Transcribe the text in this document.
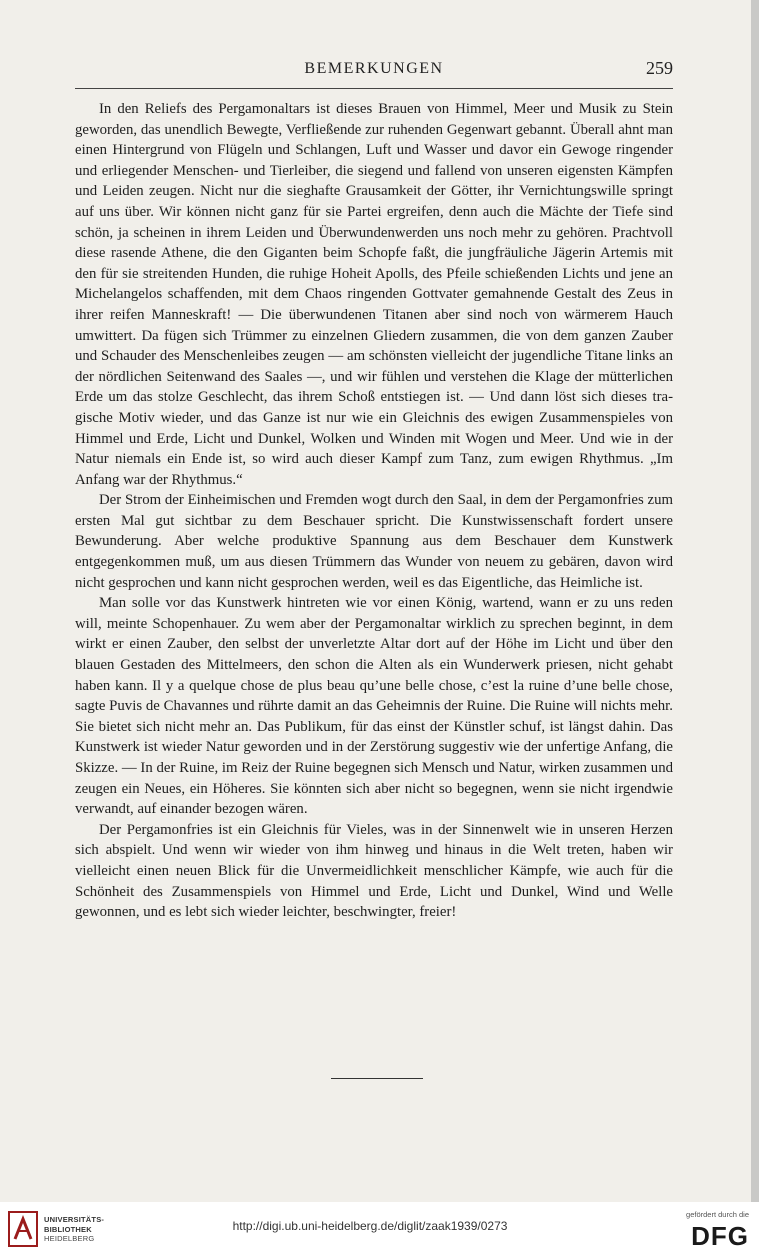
BEMERKUNGEN	259

In den Reliefs des Pergamonaltars ist dieses Brauen von Himmel, Meer und Musik zu Stein geworden, das unendlich Bewegte, Verfließende zur ruhenden Gegenwart gebannt. Überall ahnt man einen Hintergrund von Flügeln und Schlangen, Luft und Wasser und davor ein Gewoge ringender und erliegender Menschen- und Tierleiber, die siegend und fallend von unseren eigensten Kämpfen und Leiden zeugen. Nicht nur die sieghafte Grausamkeit der Götter, ihr Vernichtungswille springt auf uns über. Wir können nicht ganz für sie Partei ergreifen, denn auch die Mächte der Tiefe sind schön, ja scheinen in ihrem Leiden und Überwundenwerden uns noch mehr zu gehören. Prachtvoll diese rasende Athene, die den Giganten beim Schopfe faßt, die jungfräuliche Jägerin Artemis mit den für sie streitenden Hunden, die ruhige Hoheit Apolls, des Pfeile schießenden Lichts und jene an Michelangelos schaffenden, mit dem Chaos ringenden Gottvater gemahnende Gestalt des Zeus in ihrer reifen Manneskraft! — Die überwundenen Titanen aber sind noch von wärmerem Hauch umwittert. Da fügen sich Trümmer zu einzelnen Gliedern zusammen, die von dem ganzen Zauber und Schauder des Menschenleibes zeugen — am schönsten vielleicht der jugendliche Titane links an der nördlichen Seitenwand des Saales —, und wir fühlen und verstehen die Klage der mütterlichen Erde um das stolze Geschlecht, das ihrem Schoß entstiegen ist. — Und dann löst sich dieses tragische Motiv wieder, und das Ganze ist nur wie ein Gleichnis des ewigen Zusammenspieles von Himmel und Erde, Licht und Dunkel, Wolken und Winden mit Wogen und Meer. Und wie in der Natur niemals ein Ende ist, so wird auch dieser Kampf zum Tanz, zum ewigen Rhythmus. „Im Anfang war der Rhythmus.“

Der Strom der Einheimischen und Fremden wogt durch den Saal, in dem der Pergamonfries zum ersten Mal gut sichtbar zu dem Beschauer spricht. Die Kunstwissenschaft fordert unsere Bewunderung. Aber welche produktive Spannung aus dem Beschauer dem Kunstwerk entgegenkommen muß, um aus diesen Trümmern das Wunder von neuem zu gebären, davon wird nicht gesprochen und kann nicht gesprochen werden, weil es das Eigentliche, das Heimliche ist.

Man solle vor das Kunstwerk hintreten wie vor einen König, wartend, wann er zu uns reden will, meinte Schopenhauer. Zu wem aber der Pergamonaltar wirklich zu sprechen beginnt, in dem wirkt er einen Zauber, den selbst der unverletzte Altar dort auf der Höhe im Licht und über den blauen Gestaden des Mittelmeers, den schon die Alten als ein Wunderwerk priesen, nicht gehabt haben kann. Il y a quelque chose de plus beau qu’une belle chose, c’est la ruine d’une belle chose, sagte Puvis de Chavannes und rührte damit an das Geheimnis der Ruine. Die Ruine will nichts mehr. Sie bietet sich nicht mehr an. Das Publikum, für das einst der Künstler schuf, ist längst dahin. Das Kunstwerk ist wieder Natur geworden und in der Zerstörung suggestiv wie der unfertige Anfang, die Skizze. — In der Ruine, im Reiz der Ruine begegnen sich Mensch und Natur, wirken zusammen und zeugen ein Neues, ein Höheres. Sie könnten sich aber nicht so begegnen, wenn sie nicht irgendwie verwandt, auf einander bezogen wären.

Der Pergamonfries ist ein Gleichnis für Vieles, was in der Sinnenwelt wie in unseren Herzen sich abspielt. Und wenn wir wieder von ihm hinweg und hinaus in die Welt treten, haben wir vielleicht einen neuen Blick für die Unvermeidlichkeit menschlicher Kämpfe, wie auch für die Schönheit des Zusammenspiels von Himmel und Erde, Licht und Dunkel, Wind und Welle gewonnen, und es lebt sich wieder leichter, beschwingter, freier!

UNIVERSITÄTS-
BIBLIOTHEK
HEIDELBERG
http://digi.ub.uni-heidelberg.de/diglit/zaak1939/0273
gefördert durch die
DFG
